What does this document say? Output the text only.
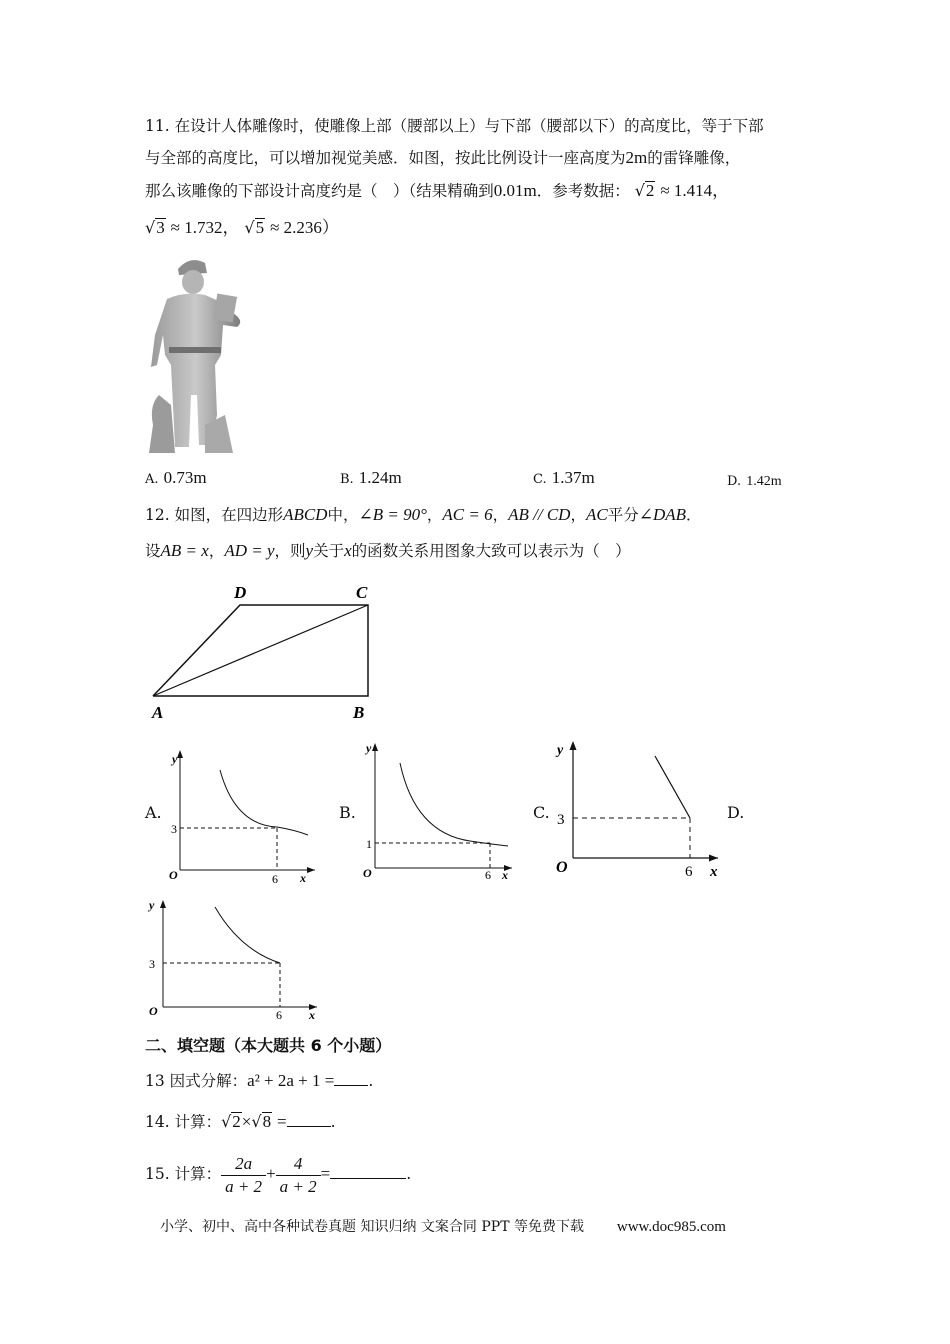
11. 在设计人体雕像时，使雕像上部（腰部以上）与下部（腰部以下）的高度比，等于下部
与全部的高度比，可以增加视觉美感．如图，按此比例设计一座高度为2m的雷锋雕像，
那么该雕像的下部设计高度约是（　）（结果精确到0.01m．参考数据： √2 ≈ 1.414，
√3 ≈ 1.732， √5 ≈ 2.236）
A. 0.73m	B. 1.24m	C. 1.37m	D. 1.42m
12. 如图，在四边形ABCD中，∠B = 90°，AC = 6，AB // CD，AC平分∠DAB．
设AB = x，AD = y，则y关于x的函数关系用图象大致可以表示为（　）
D	C
A	B
A.
y
x
O
3
6
B.
y
x
O
1
6
C.
y
x
O
3
6
D.
y
x
O
3
6
二、填空题（本大题共 6 个小题）
13 因式分解：a² + 2a + 1 = .
14. 计算：√2×√8 =	.
15. 计算： $\frac{2a}{a + 2} + \frac{4}{a + 2}$ =	.
小学、初中、高中各种试卷真题 知识归纳 文案合同 PPT 等免费下载 www.doc985.com
